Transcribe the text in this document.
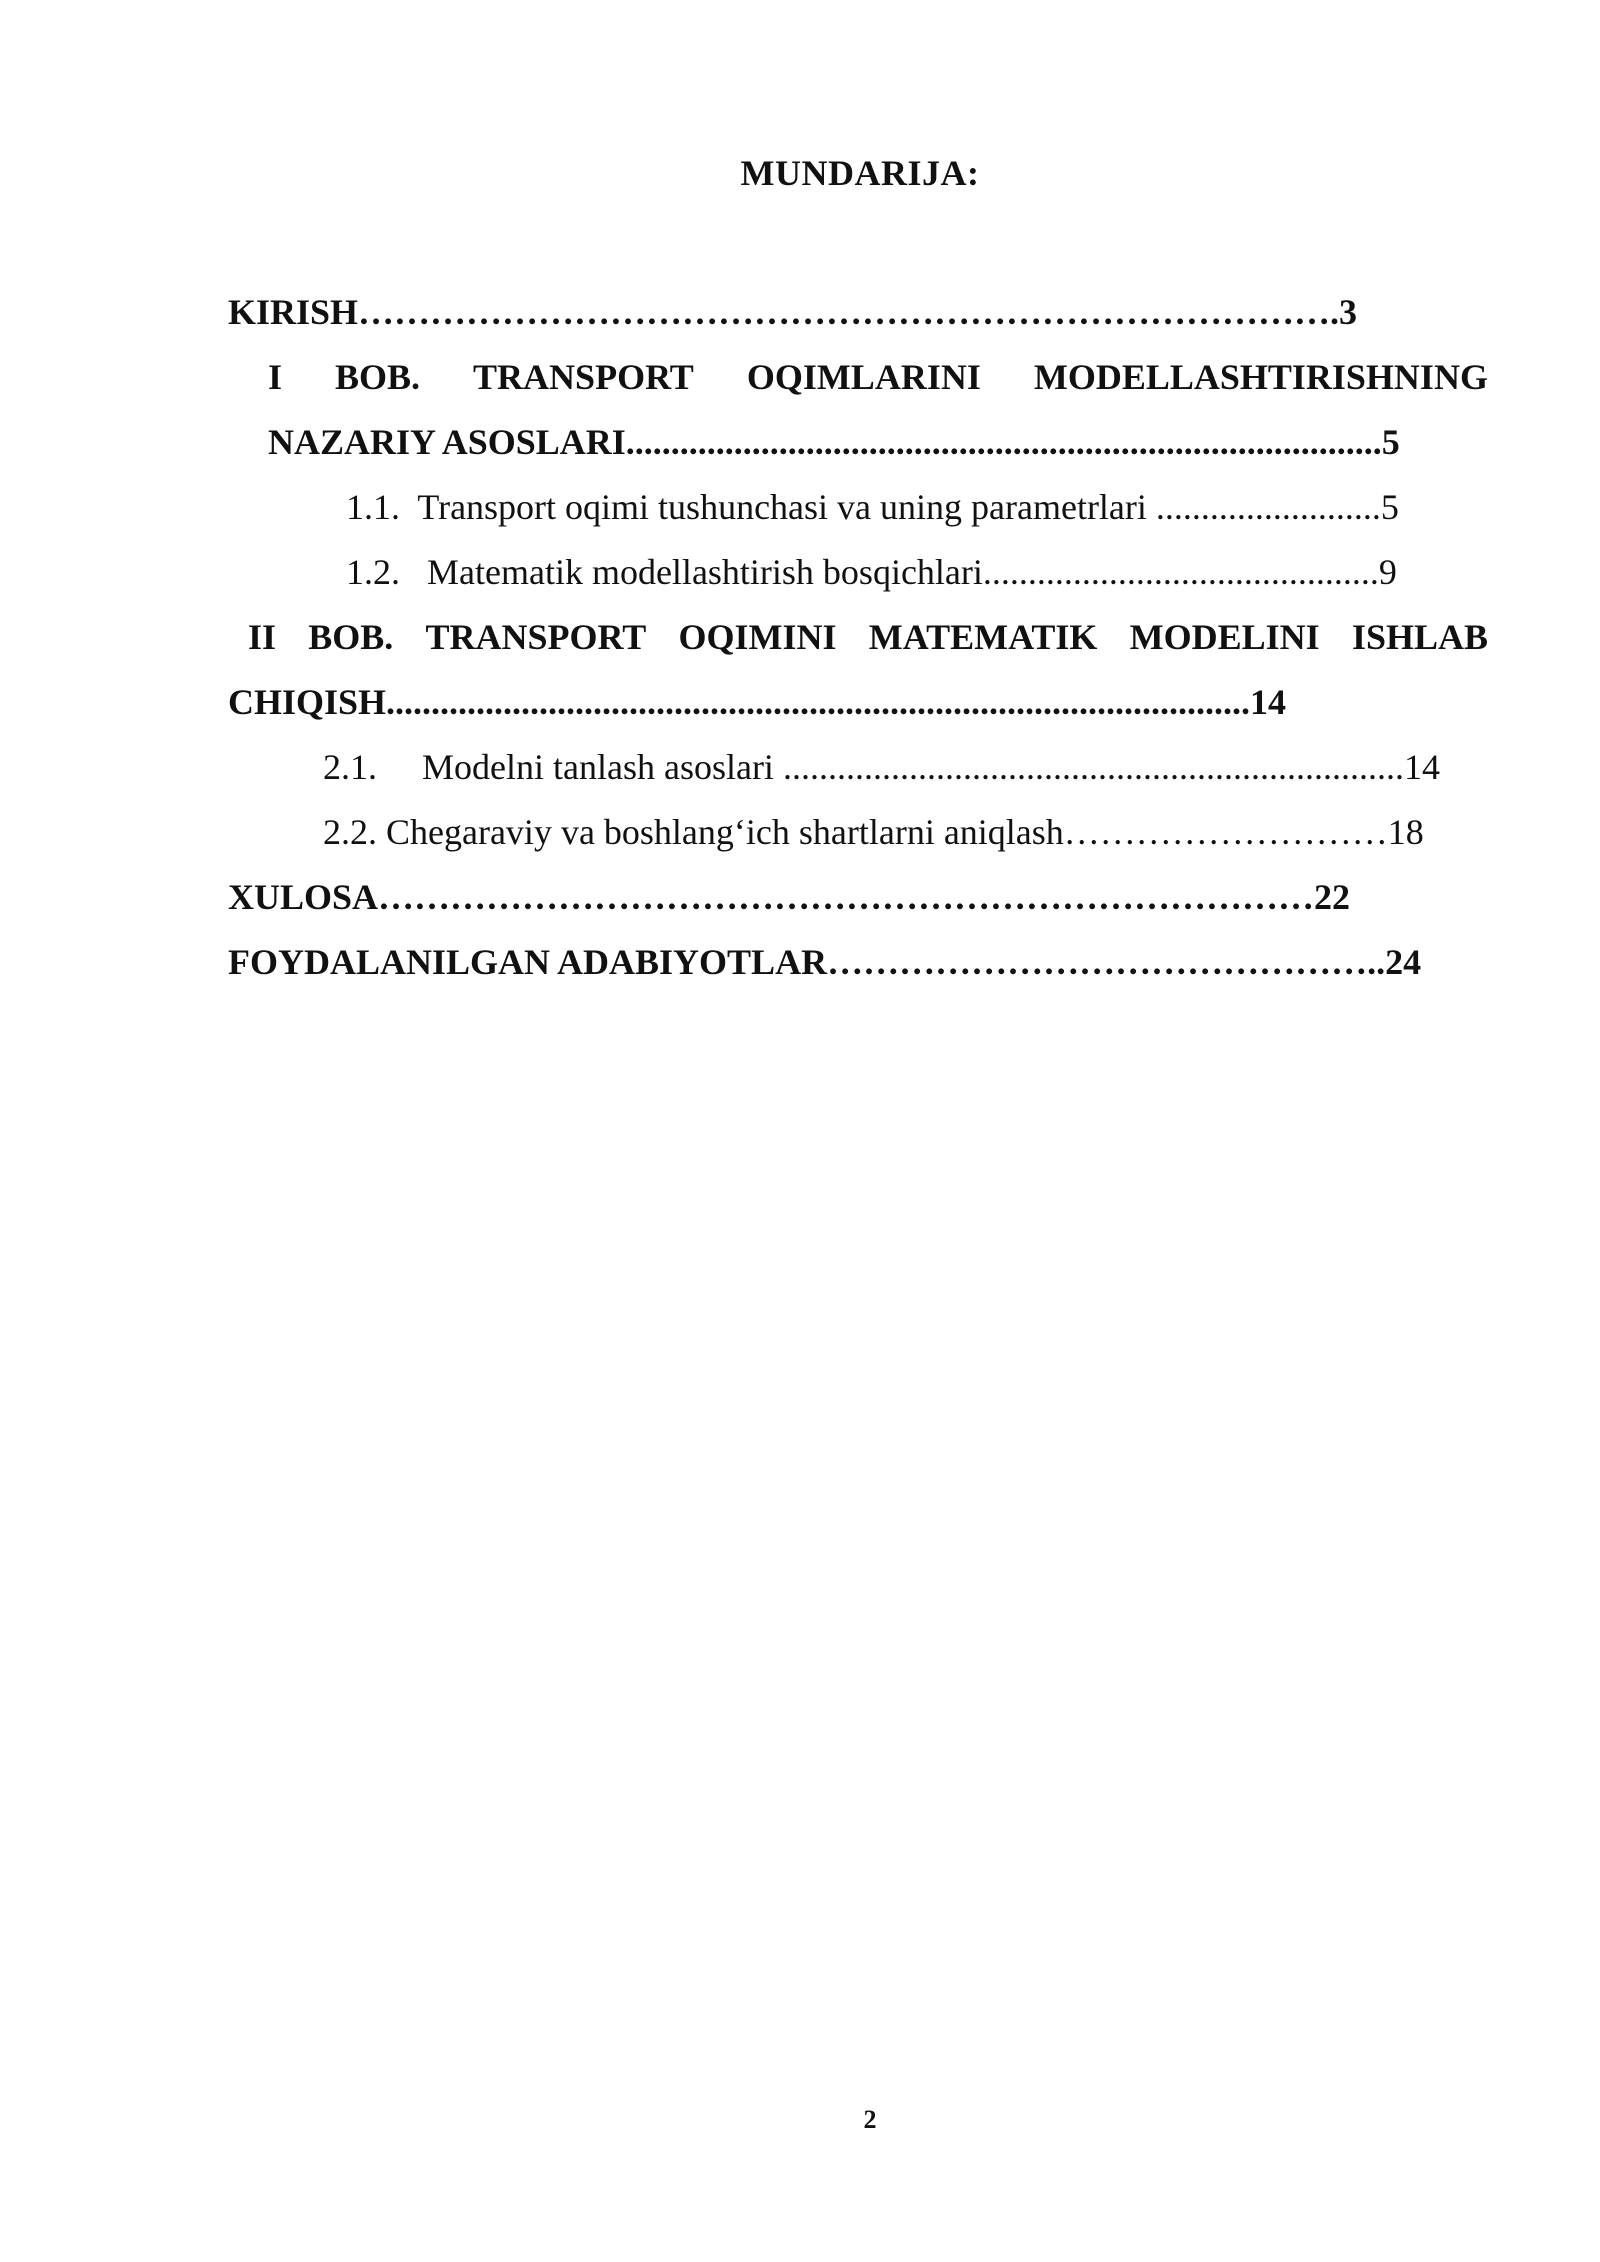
MUNDARIJA:
KIRISH……………………………………………………………………….3
I BOB. TRANSPORT OQIMLARINI MODELLASHTIRISHNING
NAZARIY ASOSLARI....................................................................................5
1.1. Transport oqimi tushunchasi va uning parametrlari .........................5
1.2. Matematik modellashtirish bosqichlari............................................9
II BOB. TRANSPORT OQIMINI MATEMATIK MODELINI ISHLAB
CHIQISH................................................................................................14
2.1. Modelni tanlash asoslari .....................................................................14
2.2. Chegaraviy va boshlang‘ich shartlarni aniqlash………………………18
XULOSA……………………………………………………………………22
FOYDALANILGAN ADABIYOTLAR………………………………………..24
2
